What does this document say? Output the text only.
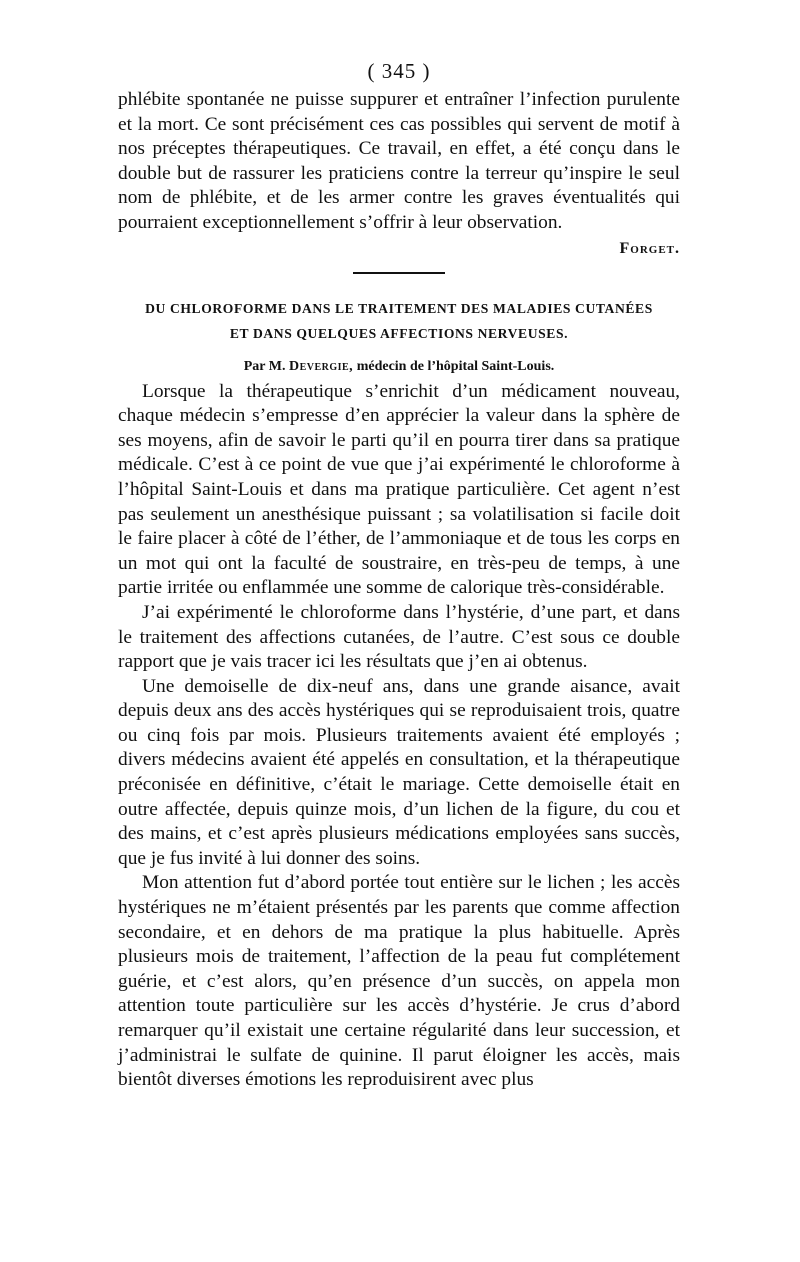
( 345 )

phlébite spontanée ne puisse suppurer et entraîner l’infection purulente et la mort. Ce sont précisément ces cas possibles qui servent de motif à nos préceptes thérapeutiques. Ce travail, en effet, a été conçu dans le double but de rassurer les praticiens contre la terreur qu’inspire le seul nom de phlébite, et de les armer contre les graves éventualités qui pourraient exceptionnellement s’offrir à leur observation.

Forget.

DU CHLOROFORME DANS LE TRAITEMENT DES MALADIES CUTANÉES

ET DANS QUELQUES AFFECTIONS NERVEUSES.

Par M. Devergie, médecin de l’hôpital Saint-Louis.

Lorsque la thérapeutique s’enrichit d’un médicament nouveau, chaque médecin s’empresse d’en apprécier la valeur dans la sphère de ses moyens, afin de savoir le parti qu’il en pourra tirer dans sa pratique médicale. C’est à ce point de vue que j’ai expérimenté le chloroforme à l’hôpital Saint-Louis et dans ma pratique particulière. Cet agent n’est pas seulement un anesthésique puissant ; sa volatilisation si facile doit le faire placer à côté de l’éther, de l’ammoniaque et de tous les corps en un mot qui ont la faculté de soustraire, en très-peu de temps, à une partie irritée ou enflammée une somme de calorique très-considérable.

J’ai expérimenté le chloroforme dans l’hystérie, d’une part, et dans le traitement des affections cutanées, de l’autre. C’est sous ce double rapport que je vais tracer ici les résultats que j’en ai obtenus.

Une demoiselle de dix-neuf ans, dans une grande aisance, avait depuis deux ans des accès hystériques qui se reproduisaient trois, quatre ou cinq fois par mois. Plusieurs traitements avaient été employés ; divers médecins avaient été appelés en consultation, et la thérapeutique préconisée en définitive, c’était le mariage. Cette demoiselle était en outre affectée, depuis quinze mois, d’un lichen de la figure, du cou et des mains, et c’est après plusieurs médications employées sans succès, que je fus invité à lui donner des soins.

Mon attention fut d’abord portée tout entière sur le lichen ; les accès hystériques ne m’étaient présentés par les parents que comme affection secondaire, et en dehors de ma pratique la plus habituelle. Après plusieurs mois de traitement, l’affection de la peau fut complétement guérie, et c’est alors, qu’en présence d’un succès, on appela mon attention toute particulière sur les accès d’hystérie. Je crus d’abord remarquer qu’il existait une certaine régularité dans leur succession, et j’administrai le sulfate de quinine. Il parut éloigner les accès, mais bientôt diverses émotions les reproduisirent avec plus
